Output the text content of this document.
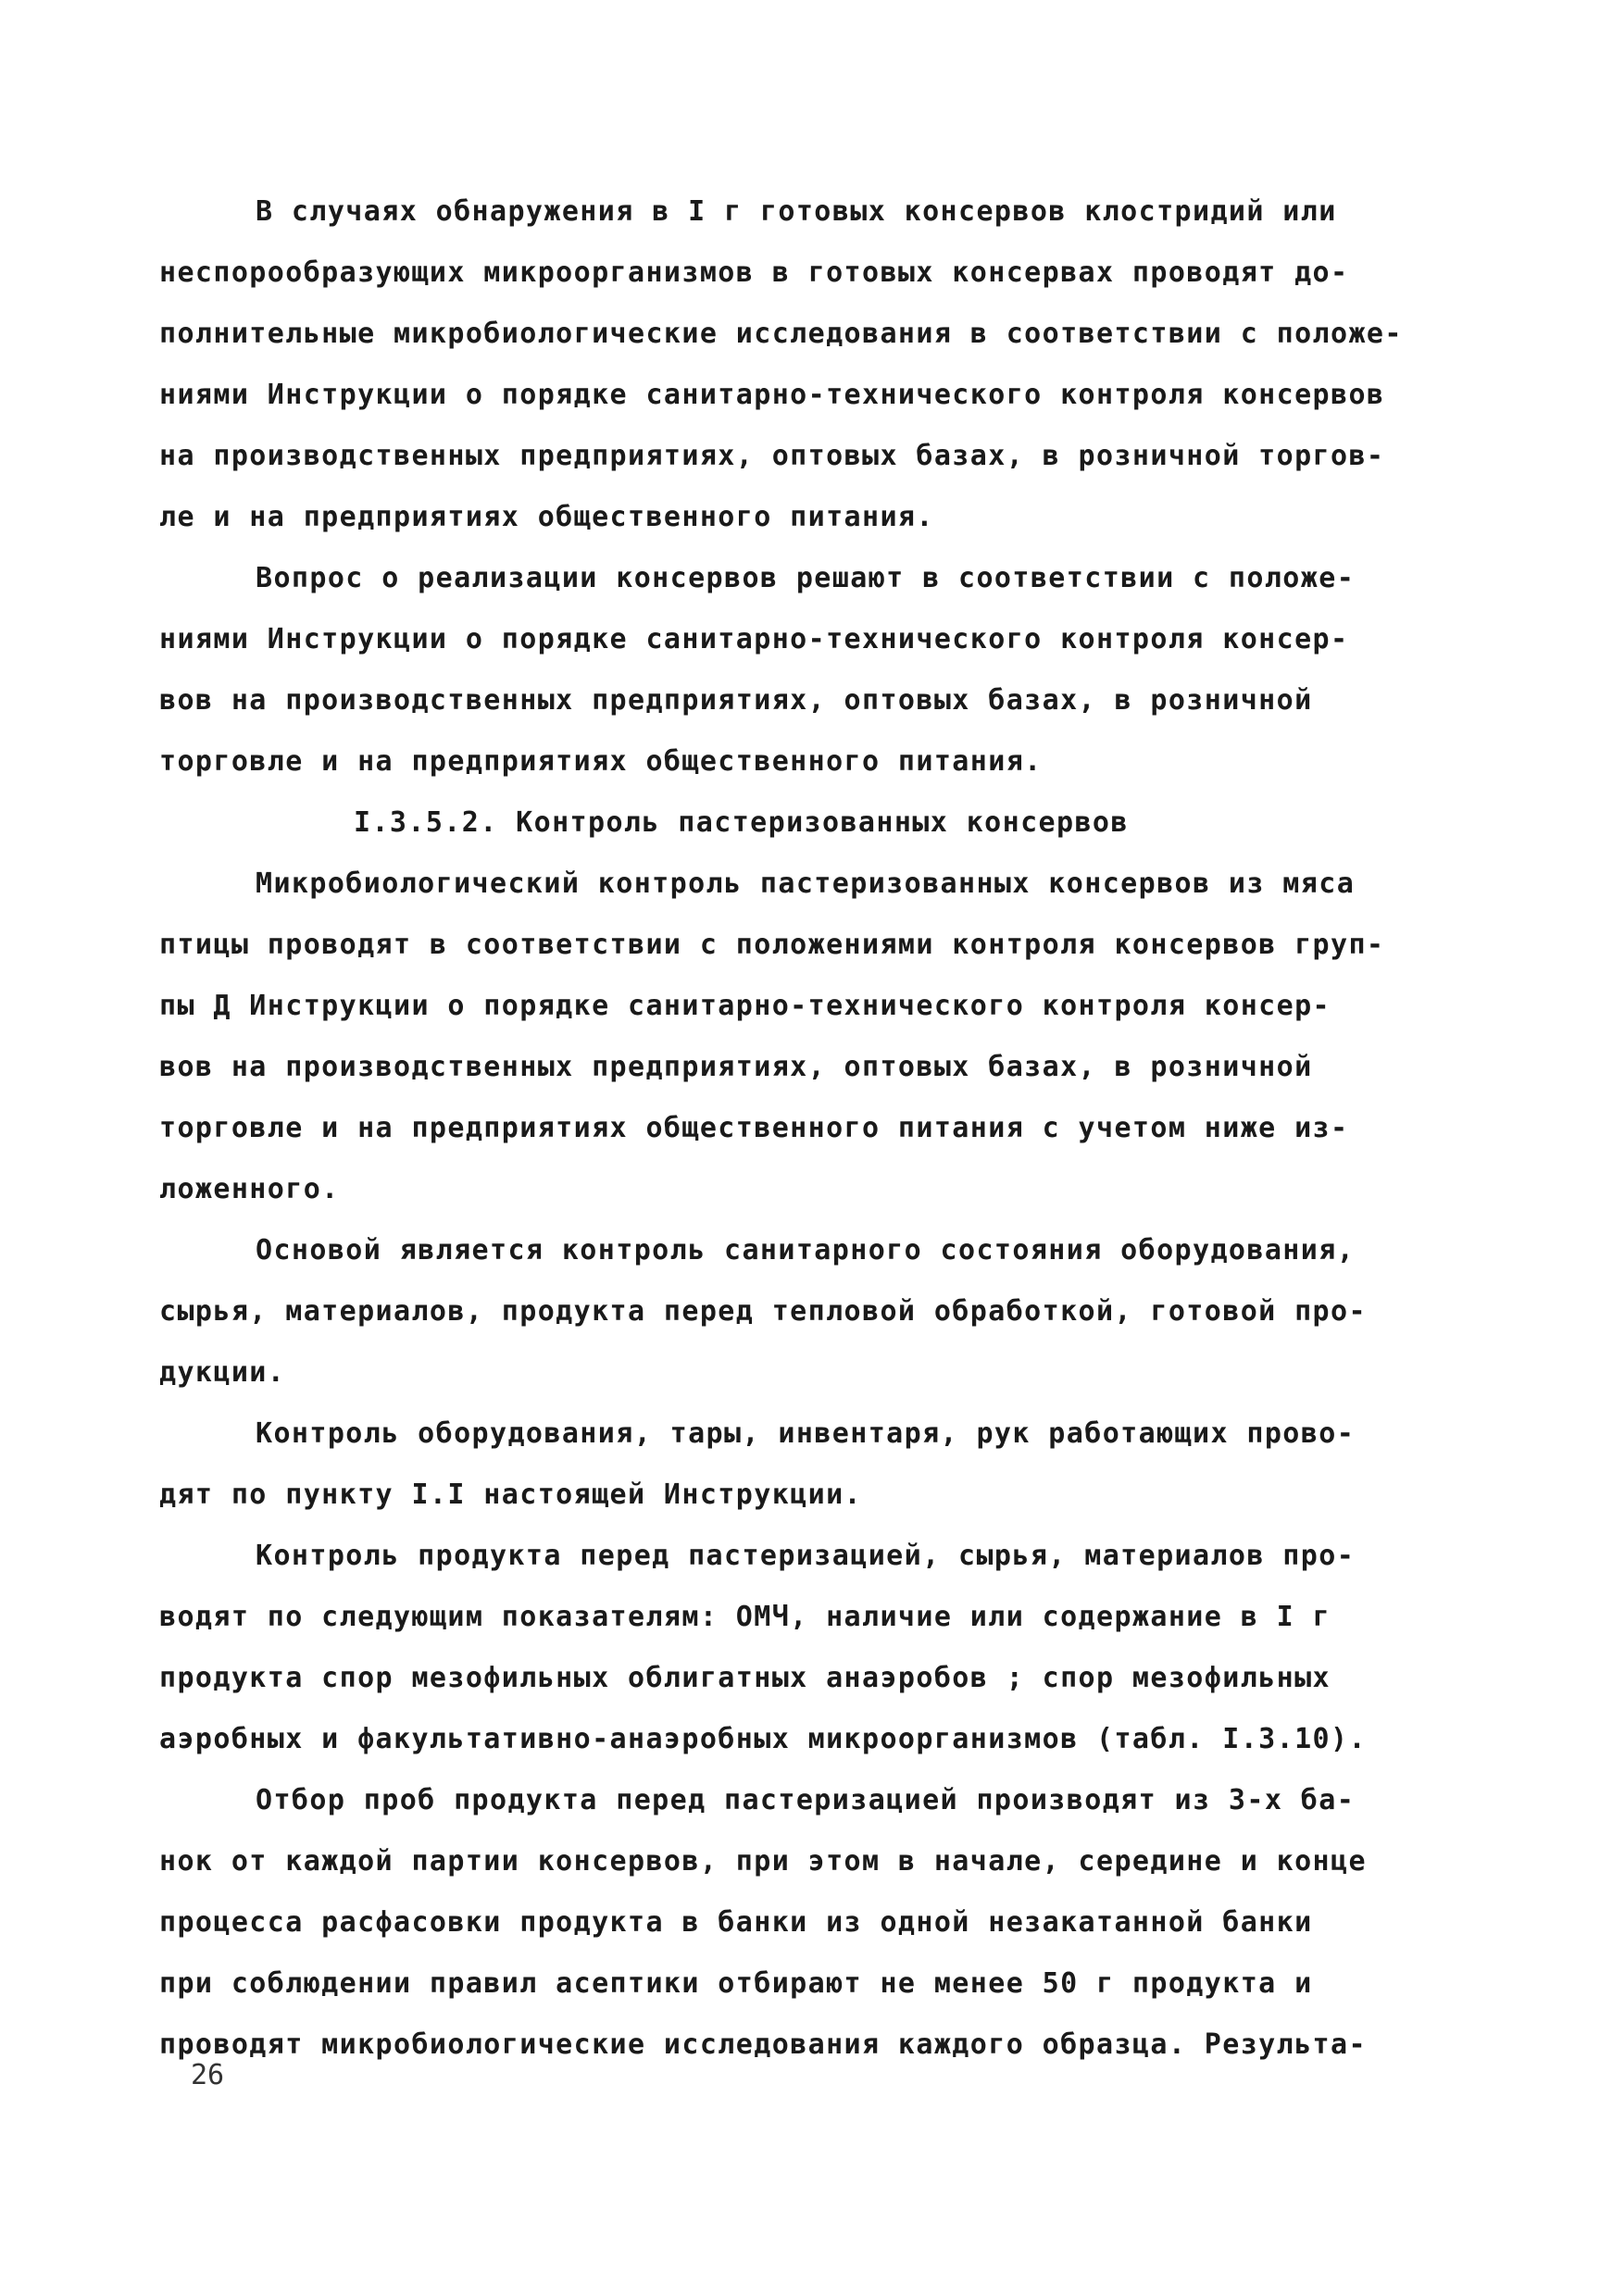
В случаях обнаружения в I г готовых консервов клостридий или
неспорообразующих микроорганизмов в готовых консервах проводят до-
полнительные микробиологические исследования в соответствии с положе-
ниями Инструкции о порядке санитарно-технического контроля консервов
на производственных предприятиях, оптовых базах, в розничной торгов-
ле и на предприятиях общественного питания.
Вопрос о реализации консервов решают в соответствии с положе-
ниями Инструкции о порядке санитарно-технического контроля консер-
вов на производственных предприятиях, оптовых базах, в розничной
торговле и на предприятиях общественного питания.
I.3.5.2. Контроль пастеризованных консервов
Микробиологический контроль пастеризованных консервов из мяса
птицы проводят в соответствии с положениями контроля консервов груп-
пы Д Инструкции о порядке санитарно-технического контроля консер-
вов на производственных предприятиях, оптовых базах, в розничной
торговле и на предприятиях общественного питания с учетом ниже из-
ложенного.
Основой является контроль санитарного состояния оборудования,
сырья, материалов, продукта перед тепловой обработкой, готовой про-
дукции.
Контроль оборудования, тары, инвентаря, рук работающих прово-
дят по пункту I.I настоящей Инструкции.
Контроль продукта перед пастеризацией, сырья, материалов про-
водят по следующим показателям: ОМЧ, наличие или содержание в I г
продукта спор мезофильных облигатных анаэробов ; спор мезофильных
аэробных и факультативно-анаэробных микроорганизмов (табл. I.3.10).
Отбор проб продукта перед пастеризацией производят из 3-х ба-
нок от каждой партии консервов, при этом в начале, середине и конце
процесса расфасовки продукта в банки из одной незакатанной банки
при соблюдении правил асептики отбирают не менее 50 г продукта и
проводят микробиологические исследования каждого образца. Результа-
26
